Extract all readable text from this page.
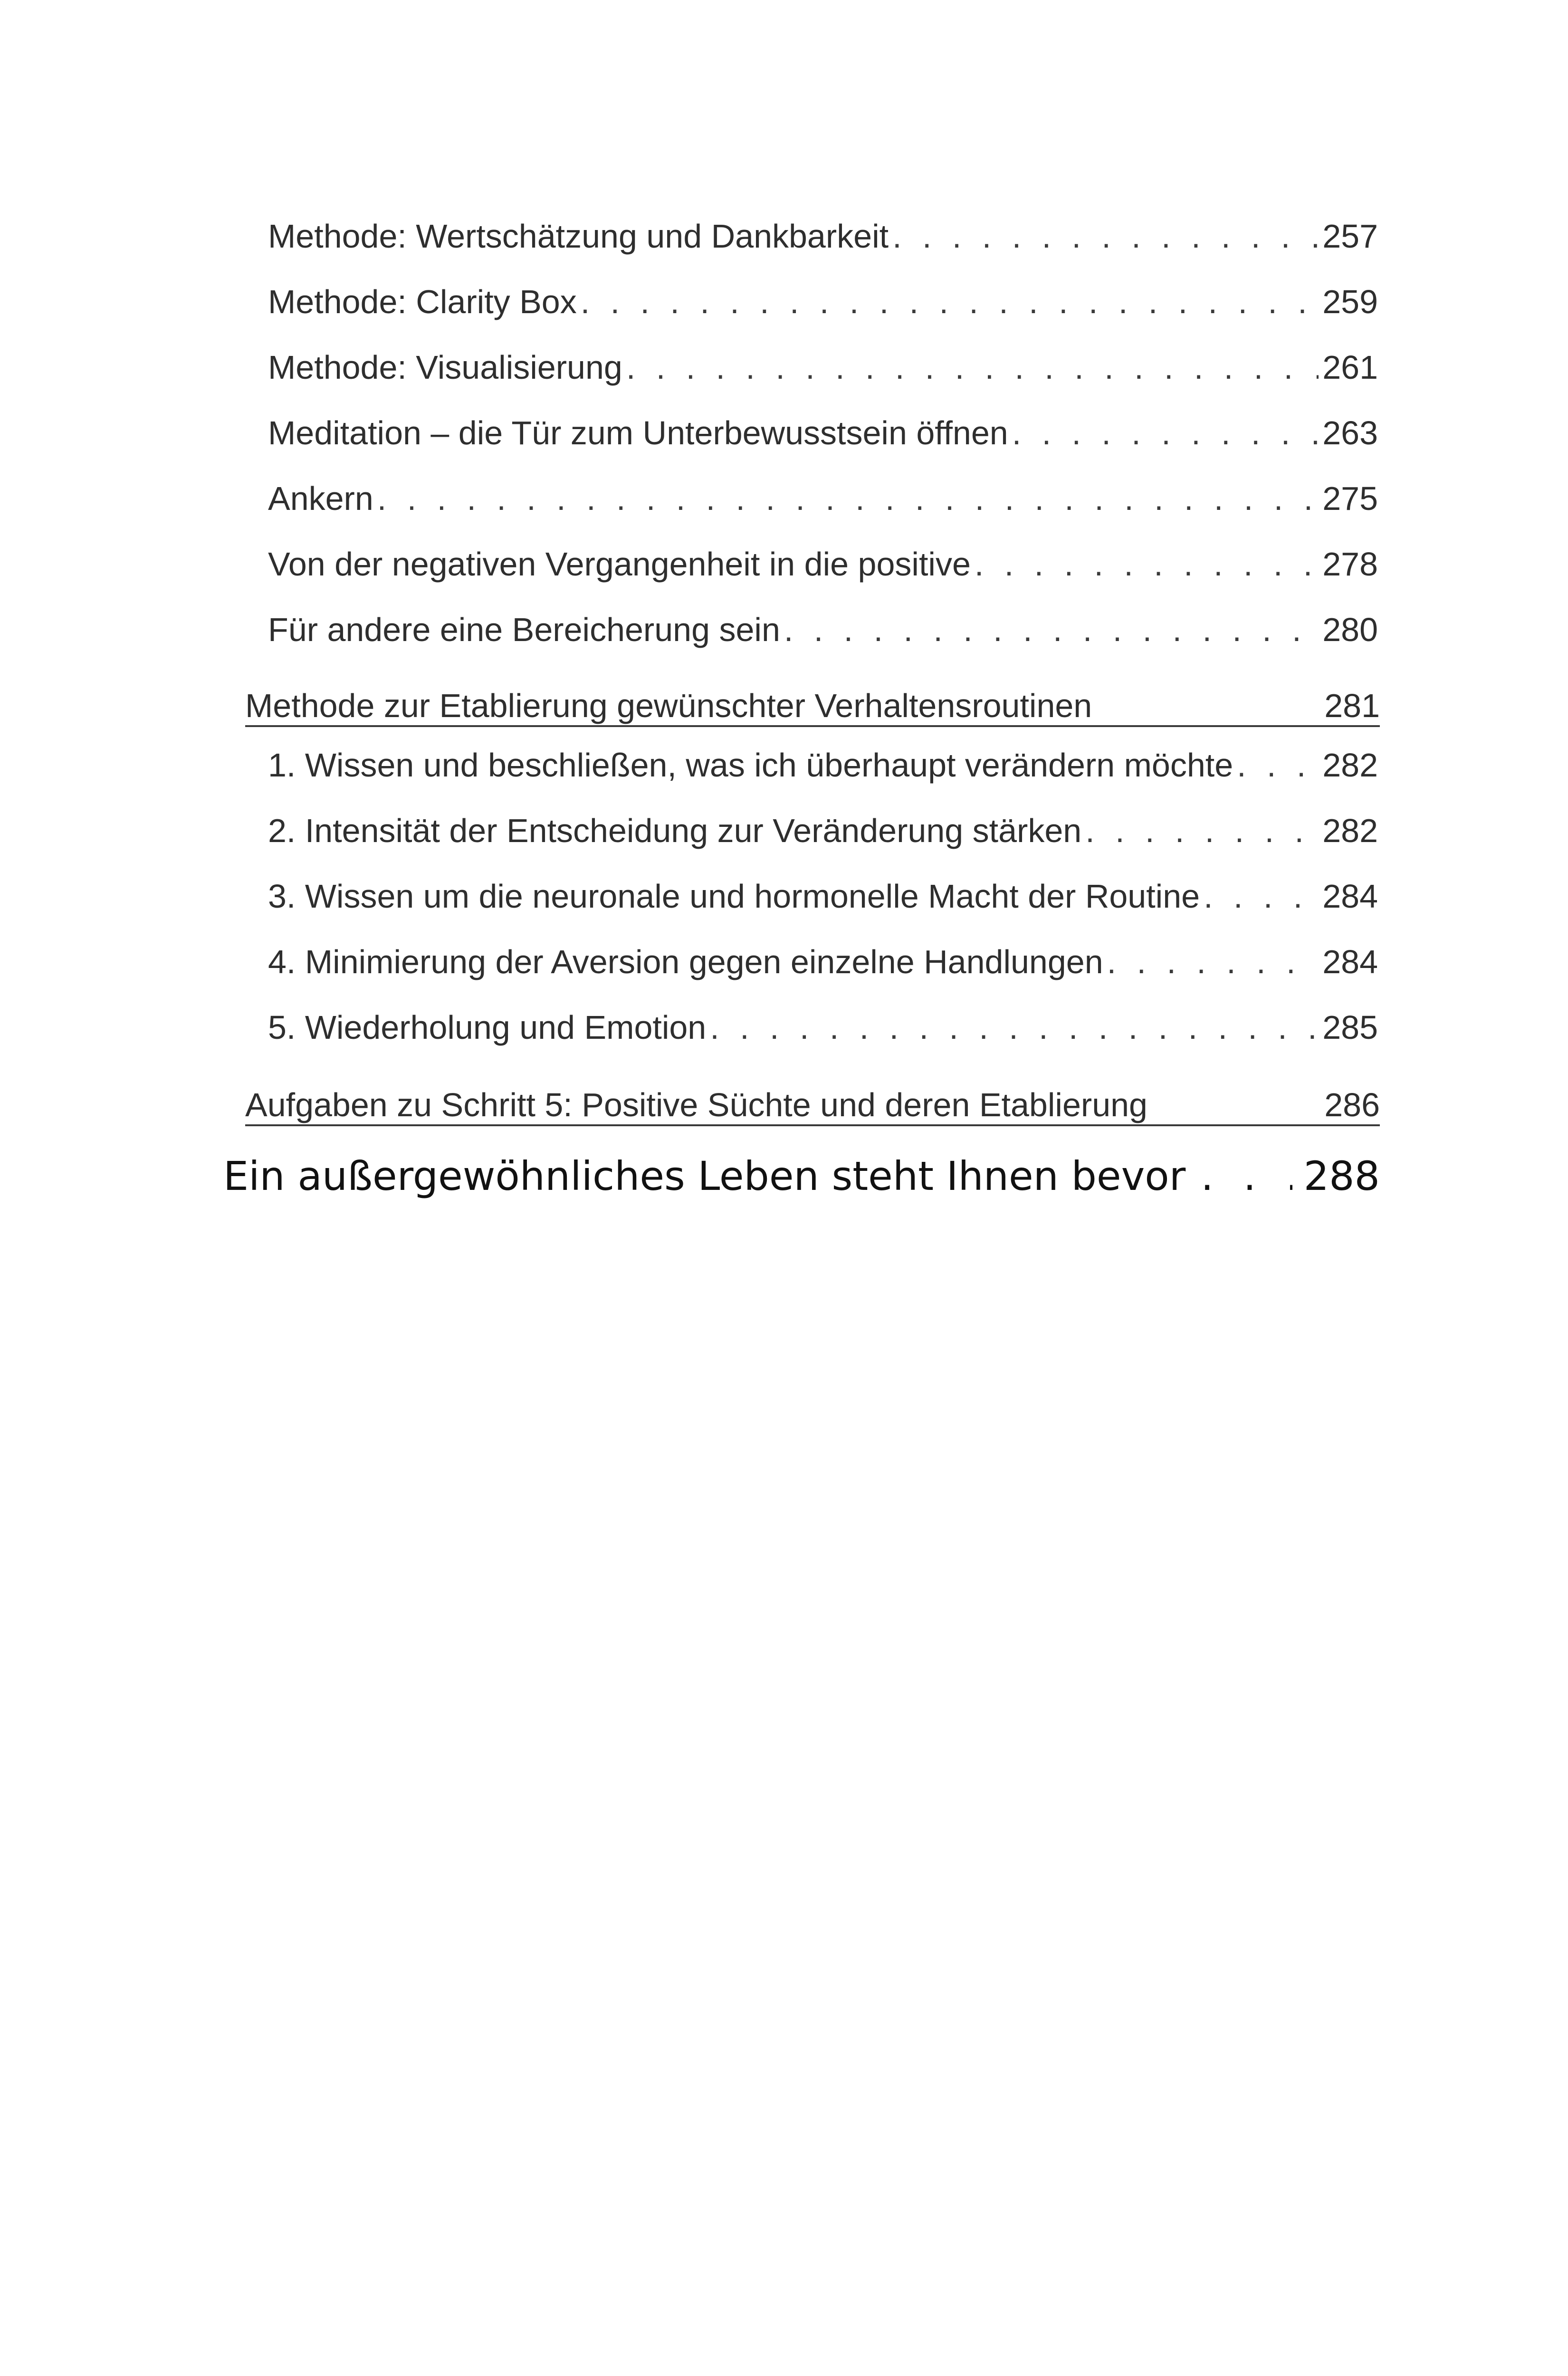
Methode: Wertschätzung und Dankbarkeit . . .	257
Methode: Clarity Box . . .	259
Methode: Visualisierung . . .	261
Meditation – die Tür zum Unterbewusstsein öffnen . . .	263
Ankern . . .	275
Von der negativen Vergangenheit in die positive . . .	278
Für andere eine Bereicherung sein . . .	280
Methode zur Etablierung gewünschter Verhaltensroutinen	281
1. Wissen und beschließen, was ich überhaupt verändern möchte . . .	282
2. Intensität der Entscheidung zur Veränderung stärken . . .	282
3. Wissen um die neuronale und hormonelle Macht der Routine . . .	284
4. Minimierung der Aversion gegen einzelne Handlungen . . .	284
5. Wiederholung und Emotion . . .	285
Aufgaben zu Schritt 5: Positive Süchte und deren Etablierung	286
Ein außergewöhnliches Leben steht Ihnen bevor . . .	288
